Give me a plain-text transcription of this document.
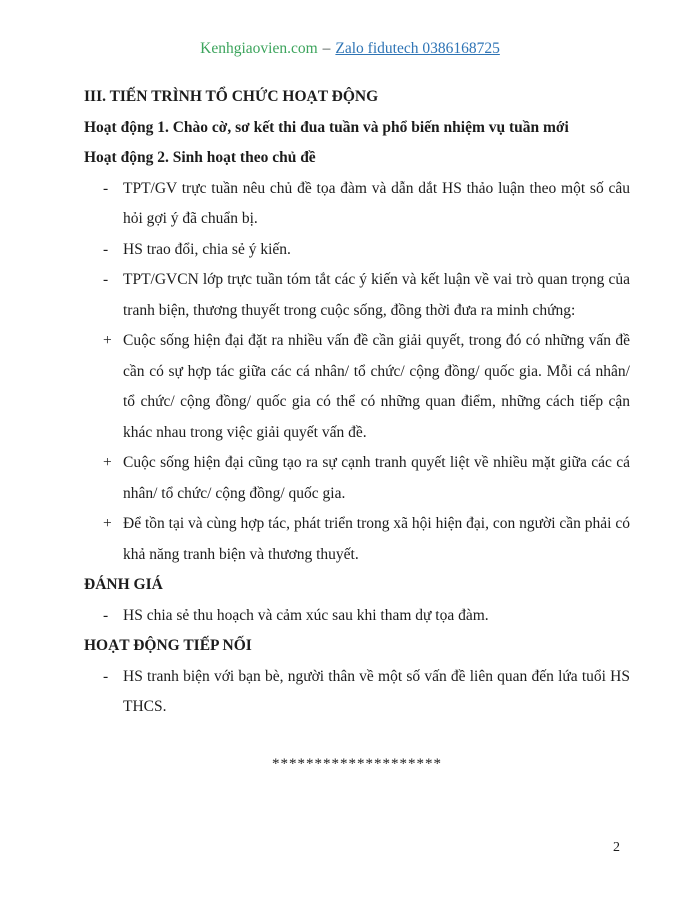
Kenhgiaovien.com – Zalo fidutech 0386168725

III. TIẾN TRÌNH TỔ CHỨC HOẠT ĐỘNG

Hoạt động 1. Chào cờ, sơ kết thi đua tuần và phổ biến nhiệm vụ tuần mới

Hoạt động 2. Sinh hoạt theo chủ đề

- TPT/GV trực tuần nêu chủ đề tọa đàm và dẫn dắt HS thảo luận theo một số câu hỏi gợi ý đã chuẩn bị.
- HS trao đổi, chia sẻ ý kiến.
- TPT/GVCN lớp trực tuần tóm tắt các ý kiến và kết luận về vai trò quan trọng của tranh biện, thương thuyết trong cuộc sống, đồng thời đưa ra minh chứng:
+ Cuộc sống hiện đại đặt ra nhiều vấn đề cần giải quyết, trong đó có những vấn đề cần có sự hợp tác giữa các cá nhân/ tổ chức/ cộng đồng/ quốc gia. Mỗi cá nhân/ tổ chức/ cộng đồng/ quốc gia có thể có những quan điểm, những cách tiếp cận khác nhau trong việc giải quyết vấn đề.
+ Cuộc sống hiện đại cũng tạo ra sự cạnh tranh quyết liệt về nhiều mặt giữa các cá nhân/ tổ chức/ cộng đồng/ quốc gia.
+ Để tồn tại và cùng hợp tác, phát triển trong xã hội hiện đại, con người cần phải có khả năng tranh biện và thương thuyết.

ĐÁNH GIÁ

- HS chia sẻ thu hoạch và cảm xúc sau khi tham dự tọa đàm.

HOẠT ĐỘNG TIẾP NỐI

- HS tranh biện với bạn bè, người thân về một số vấn đề liên quan đến lứa tuổi HS THCS.
********************
2
